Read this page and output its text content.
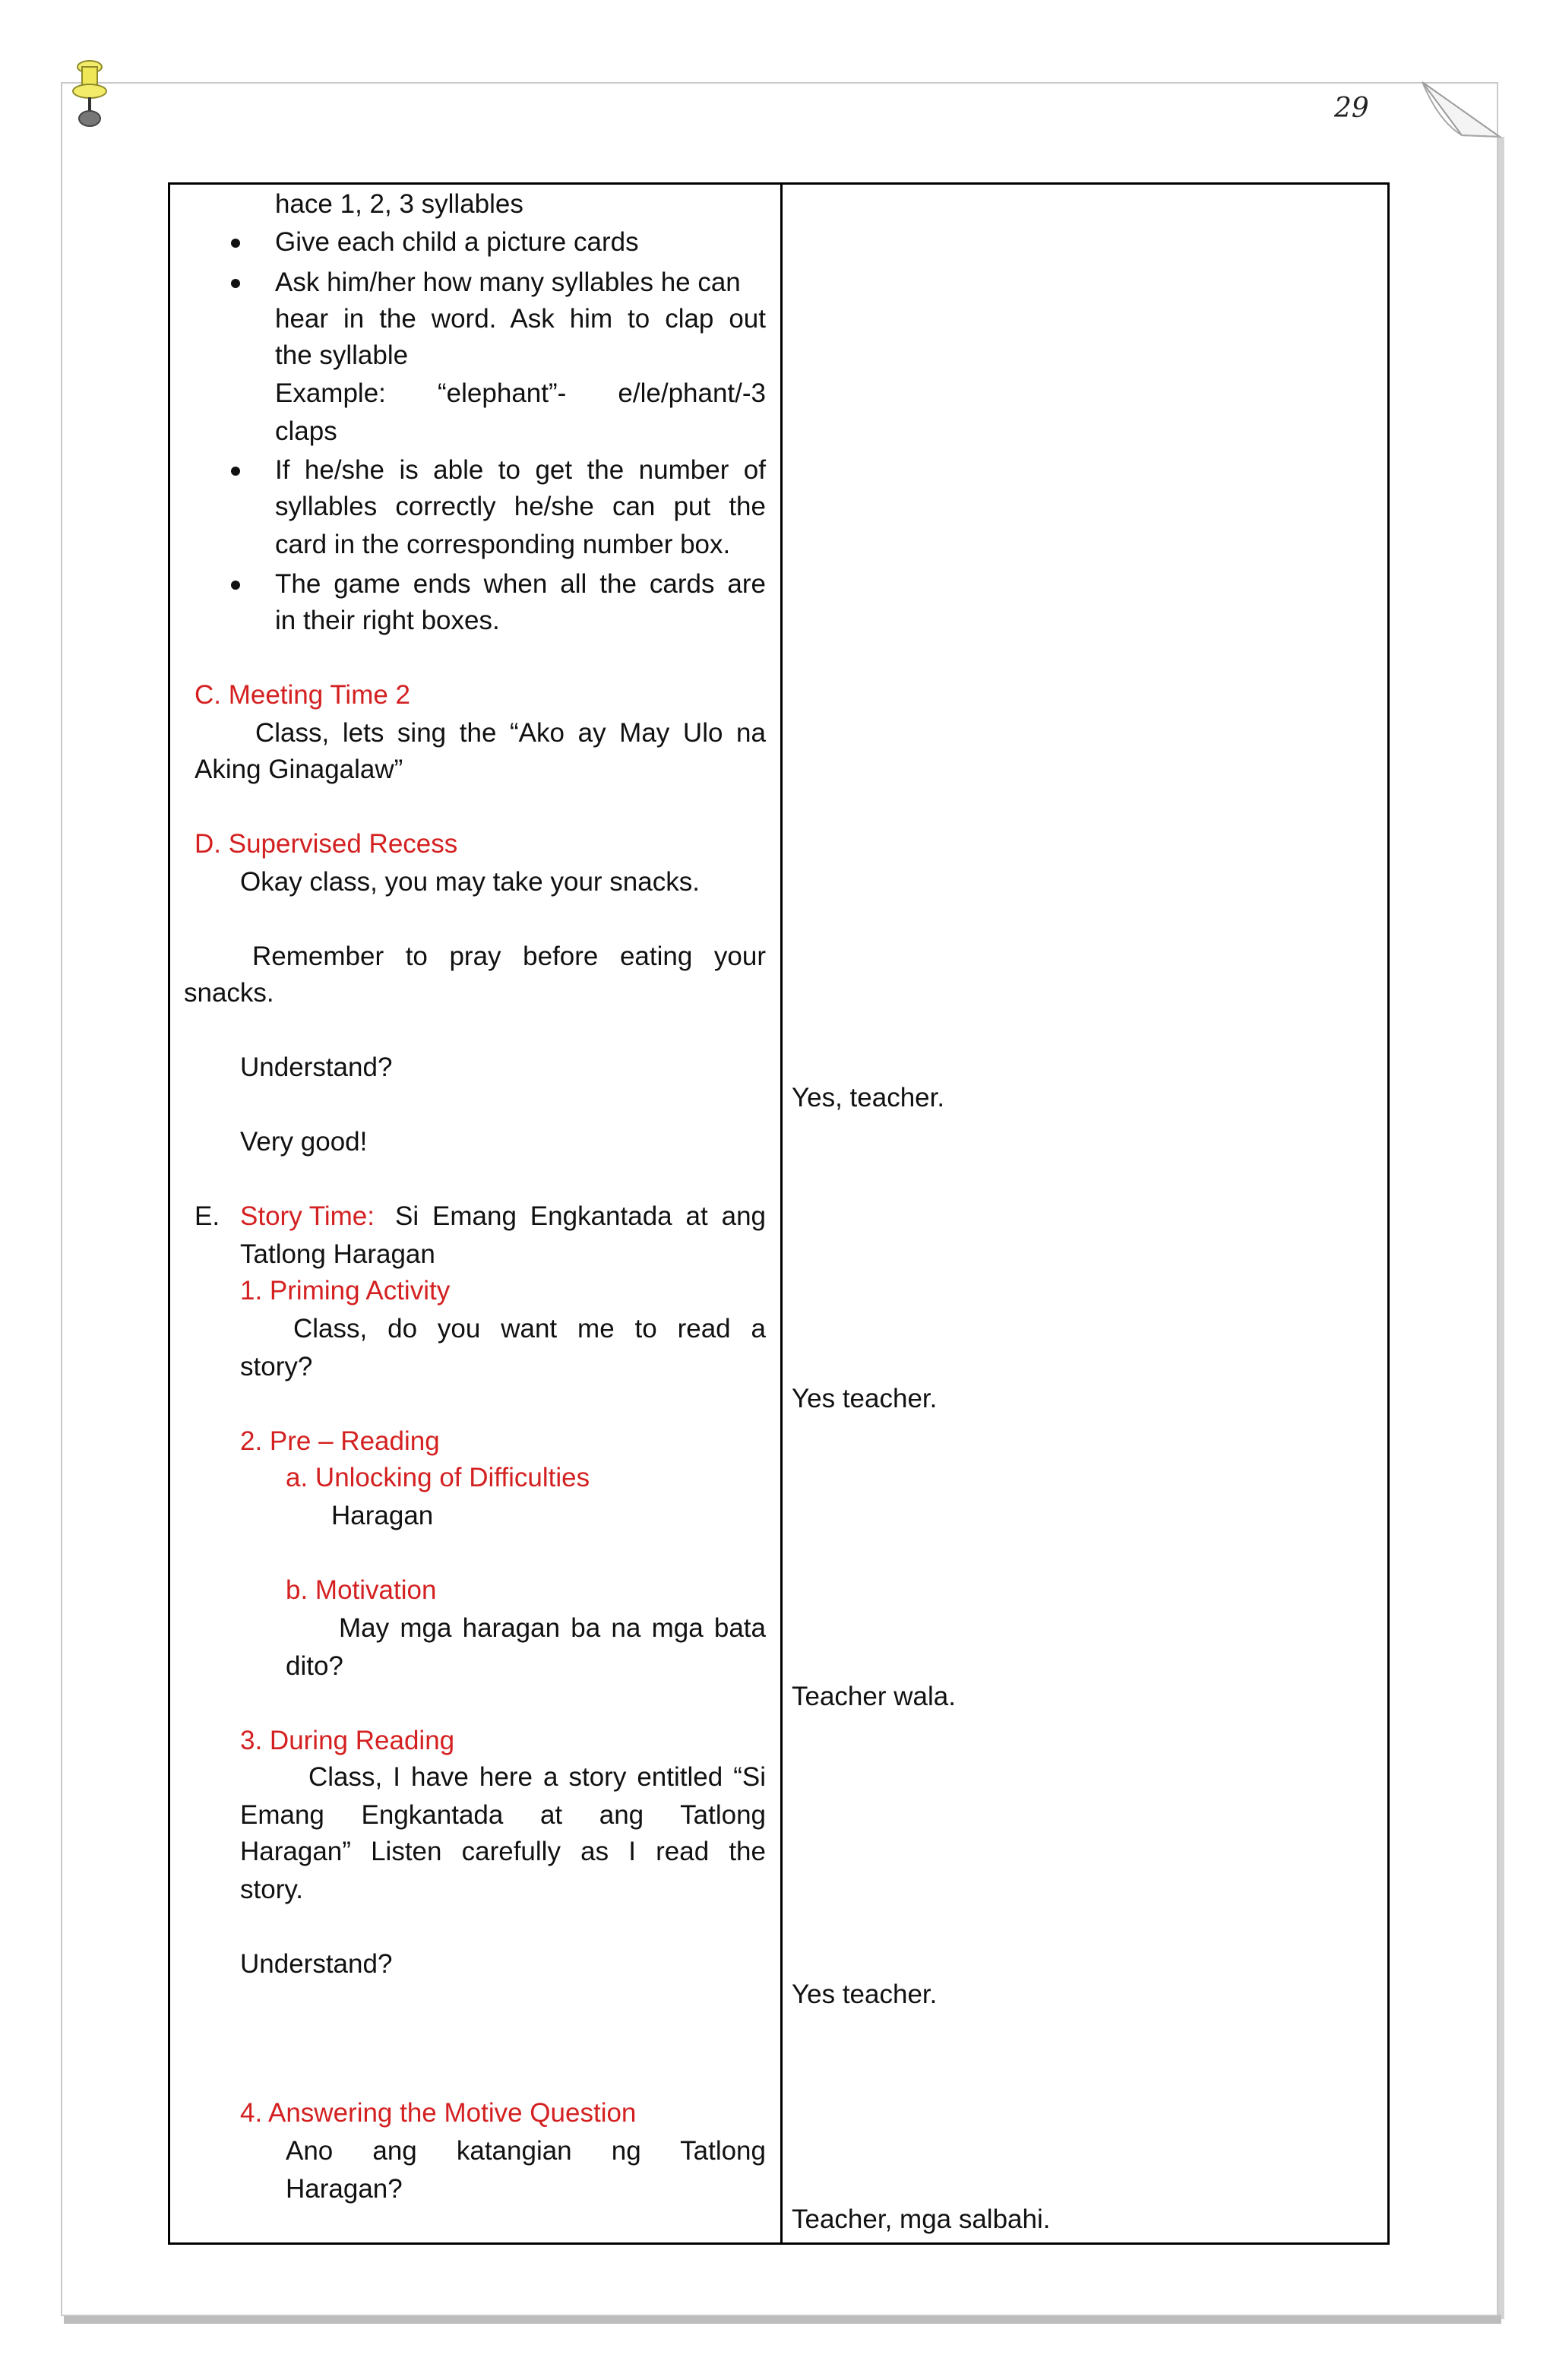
29
hace 1, 2, 3 syllables
Give each child a picture cards
Ask him/her how many syllables he can
hear in the word. Ask him to clap out
the syllable
Example: “elephant”- e/le/phant/-3
claps
If he/she is able to get the number of
syllables correctly he/she can put the
card in the corresponding number box.
The game ends when all the cards are
in their right boxes.
C. Meeting Time 2
Class, lets sing the “Ako ay May Ulo na
Aking Ginagalaw”
D. Supervised Recess
Okay class, you may take your snacks.
Remember to pray before eating your
snacks.
Understand?
Very good!
E. Story Time: Si Emang Engkantada at ang
Tatlong Haragan
1. Priming Activity
Class, do you want me to read a
story?
2. Pre – Reading
a. Unlocking of Difficulties
Haragan
b. Motivation
May mga haragan ba na mga bata
dito?
3. During Reading
Class, I have here a story entitled “Si
Emang Engkantada at ang Tatlong
Haragan” Listen carefully as I read the
story.
Understand?
4. Answering the Motive Question
Ano ang katangian ng Tatlong
Haragan?
Yes, teacher.
Yes teacher.
Teacher wala.
Yes teacher.
Teacher, mga salbahi.
